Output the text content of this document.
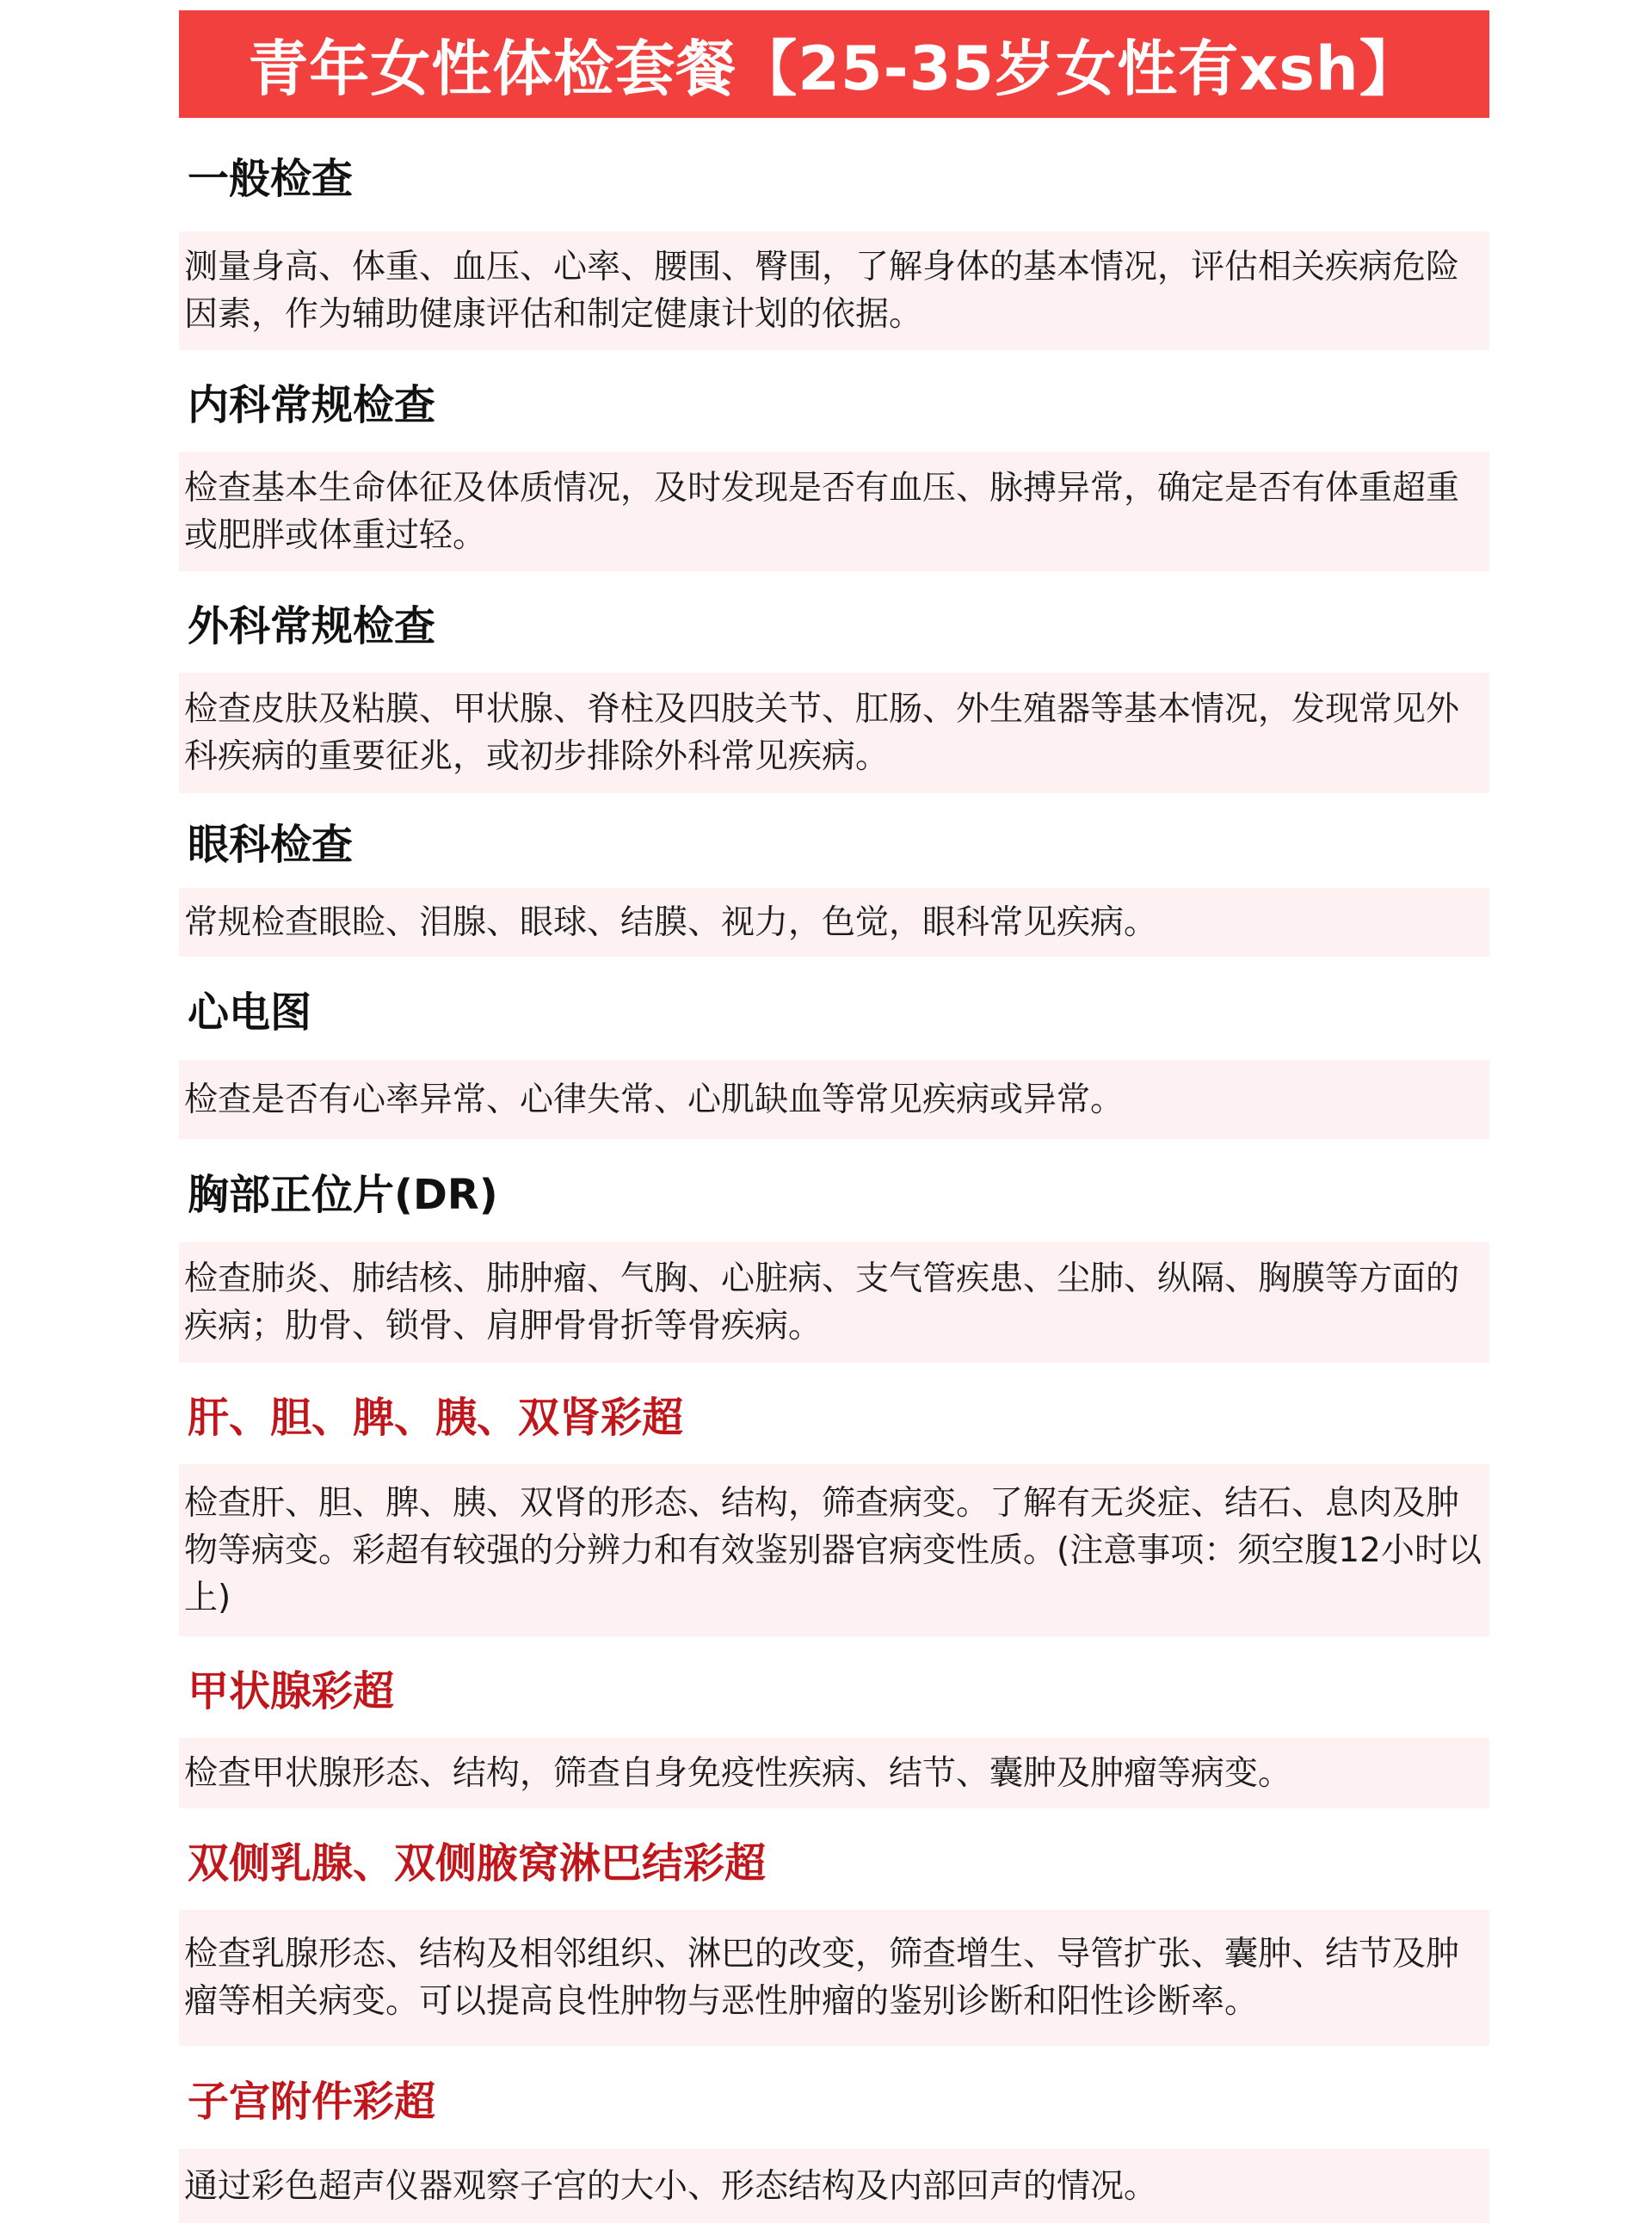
青年女性体检套餐【25-35岁女性有xsh】
一般检查
测量身高、体重、血压、心率、腰围、臀围，了解身体的基本情况，评估相关疾病危险因素，作为辅助健康评估和制定健康计划的依据。
内科常规检查
检查基本生命体征及体质情况，及时发现是否有血压、脉搏异常，确定是否有体重超重或肥胖或体重过轻。
外科常规检查
检查皮肤及粘膜、甲状腺、脊柱及四肢关节、肛肠、外生殖器等基本情况，发现常见外科疾病的重要征兆，或初步排除外科常见疾病。
眼科检查
常规检查眼睑、泪腺、眼球、结膜、视力，色觉，眼科常见疾病。
心电图
检查是否有心率异常、心律失常、心肌缺血等常见疾病或异常。
胸部正位片(DR)
检查肺炎、肺结核、肺肿瘤、气胸、心脏病、支气管疾患、尘肺、纵隔、胸膜等方面的疾病；肋骨、锁骨、肩胛骨骨折等骨疾病。
肝、胆、脾、胰、双肾彩超
检查肝、胆、脾、胰、双肾的形态、结构，筛查病变。了解有无炎症、结石、息肉及肿物等病变。彩超有较强的分辨力和有效鉴别器官病变性质。(注意事项：须空腹12小时以上)
甲状腺彩超
检查甲状腺形态、结构，筛查自身免疫性疾病、结节、囊肿及肿瘤等病变。
双侧乳腺、双侧腋窝淋巴结彩超
检查乳腺形态、结构及相邻组织、淋巴的改变，筛查增生、导管扩张、囊肿、结节及肿瘤等相关病变。可以提高良性肿物与恶性肿瘤的鉴别诊断和阳性诊断率。
子宫附件彩超
通过彩色超声仪器观察子宫的大小、形态结构及内部回声的情况。
